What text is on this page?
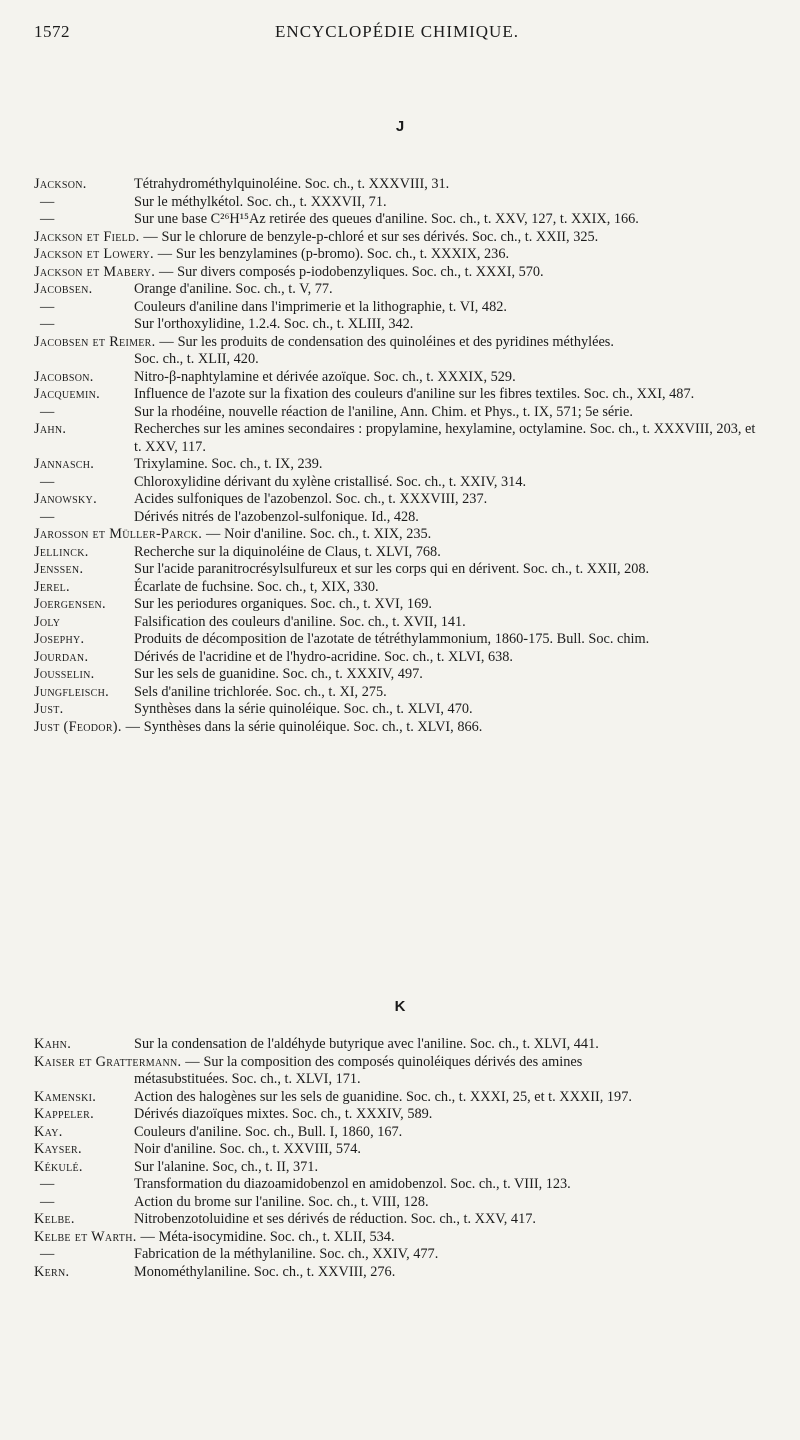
1572	ENCYCLOPÉDIE CHIMIQUE.
J
Jackson.	Tétrahydrométhylquinoléine. Soc. ch., t. XXXVIII, 31.
—	Sur le méthylkétol. Soc. ch., t. XXXVII, 71.
—	Sur une base C²⁶H¹⁵Az retirée des queues d'aniline. Soc. ch., t. XXV, 127, t. XXIX, 166.
Jackson et Field. — Sur le chlorure de benzyle-p-chloré et sur ses dérivés. Soc. ch., t. XXII, 325.
Jackson et Lowery. — Sur les benzylamines (p-bromo). Soc. ch., t. XXXIX, 236.
Jackson et Mabery. — Sur divers composés p-iodobenzyliques. Soc. ch., t. XXXI, 570.
Jacobsen.	Orange d'aniline. Soc. ch., t. V, 77.
—	Couleurs d'aniline dans l'imprimerie et la lithographie, t. VI, 482.
—	Sur l'orthoxylidine, 1.2.4. Soc. ch., t. XLIII, 342.
Jacobsen et Reimer. — Sur les produits de condensation des quinoléines et des pyridines méthylées.
Soc. ch., t. XLII, 420.
Jacobson.	Nitro-β-naphtylamine et dérivée azoïque. Soc. ch., t. XXXIX, 529.
Jacquemin. Influence de l'azote sur la fixation des couleurs d'aniline sur les fibres textiles. Soc. ch., XXI, 487.
—	Sur la rhodéine, nouvelle réaction de l'aniline, Ann. Chim. et Phys., t. IX, 571; 5e série.
Jahn.	Recherches sur les amines secondaires : propylamine, hexylamine, octylamine. Soc. ch., t. XXXVIII, 203, et t. XXV, 117.
Jannasch.	Trixylamine. Soc. ch., t. IX, 239.
—	Chloroxylidine dérivant du xylène cristallisé. Soc. ch., t. XXIV, 314.
Janowsky.	Acides sulfoniques de l'azobenzol. Soc. ch., t. XXXVIII, 237.
—	Dérivés nitrés de l'azobenzol-sulfonique. Id., 428.
Jarosson et Müller-Parck. — Noir d'aniline. Soc. ch., t. XIX, 235.
Jellinck.	Recherche sur la diquinoléine de Claus, t. XLVI, 768.
Jenssen.	Sur l'acide paranitrocrésylsulfureux et sur les corps qui en dérivent. Soc. ch., t. XXII, 208.
Jerel.	Écarlate de fuchsine. Soc. ch., t, XIX, 330.
Joergensen. Sur les periodures organiques. Soc. ch., t. XVI, 169.
Joly	Falsification des couleurs d'aniline. Soc. ch., t. XVII, 141.
Josephy.	Produits de décomposition de l'azotate de tétréthylammonium, 1860-175. Bull. Soc. chim.
Jourdan.	Dérivés de l'acridine et de l'hydro-acridine. Soc. ch., t. XLVI, 638.
Jousselin.	Sur les sels de guanidine. Soc. ch., t. XXXIV, 497.
Jungfleisch. Sels d'aniline trichlorée. Soc. ch., t. XI, 275.
Just.	Synthèses dans la série quinoléique. Soc. ch., t. XLVI, 470.
Just (Feodor). — Synthèses dans la série quinoléique. Soc. ch., t. XLVI, 866.
K
Kahn.	Sur la condensation de l'aldéhyde butyrique avec l'aniline. Soc. ch., t. XLVI, 441.
Kaiser et Grattermann. — Sur la composition des composés quinoléiques dérivés des amines
métasubstituées. Soc. ch., t. XLVI, 171.
Kamenski.	Action des halogènes sur les sels de guanidine. Soc. ch., t. XXXI, 25, et t. XXXII, 197.
Kappeler.	Dérivés diazoïques mixtes. Soc. ch., t. XXXIV, 589.
Kay.	Couleurs d'aniline. Soc. ch., Bull. I, 1860, 167.
Kayser.	Noir d'aniline. Soc. ch., t. XXVIII, 574.
Kékulé.	Sur l'alanine. Soc, ch., t. II, 371.
—	Transformation du diazoamidobenzol en amidobenzol. Soc. ch., t. VIII, 123.
—	Action du brome sur l'aniline. Soc. ch., t. VIII, 128.
Kelbe.	Nitrobenzotoluidine et ses dérivés de réduction. Soc. ch., t. XXV, 417.
Kelbe et Warth. — Méta-isocymidine. Soc. ch., t. XLII, 534.
—	Fabrication de la méthylaniline. Soc. ch., XXIV, 477.
Kern.	Monométhylaniline. Soc. ch., t. XXVIII, 276.
